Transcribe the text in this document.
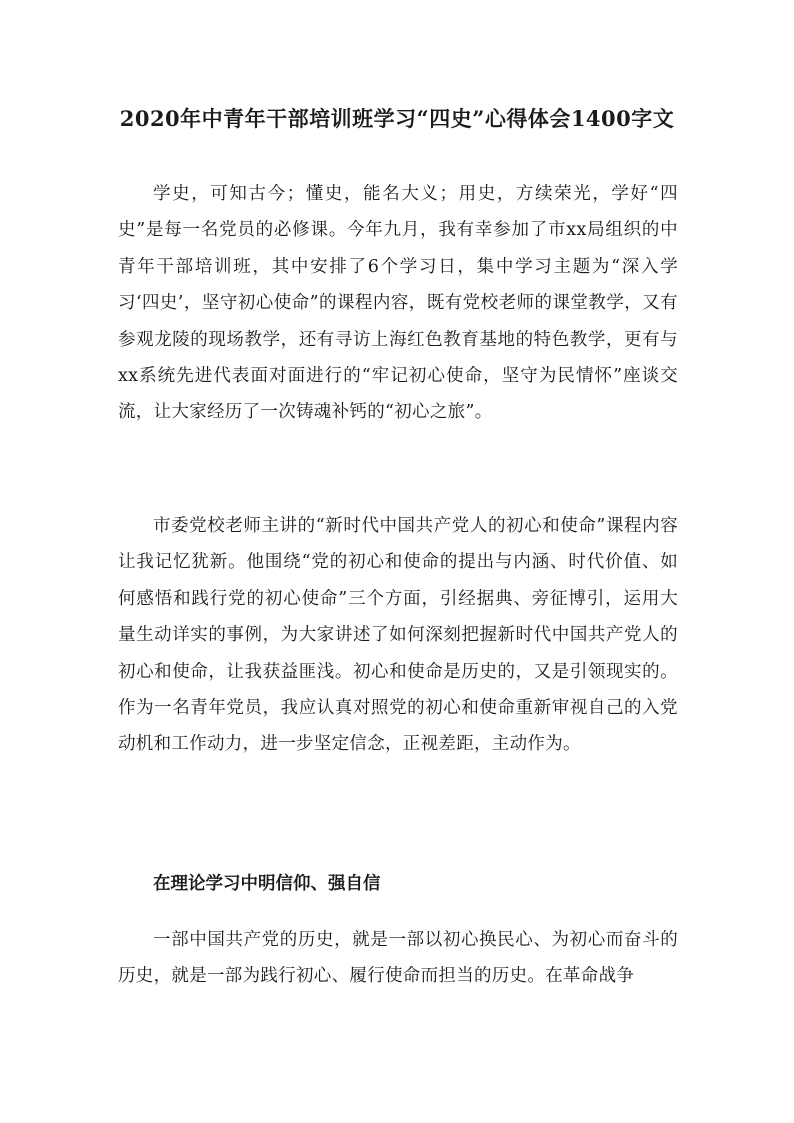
2020年中青年干部培训班学习“四史”心得体会1400字文

学史，可知古今；懂史，能名大义；用史，方续荣光，学好“四史”是每一名党员的必修课。今年九月，我有幸参加了市xx局组织的中青年干部培训班，其中安排了6个学习日，集中学习主题为“深入学习‘四史’，坚守初心使命”的课程内容，既有党校老师的课堂教学，又有参观龙陵的现场教学，还有寻访上海红色教育基地的特色教学，更有与xx系统先进代表面对面进行的“牢记初心使命，坚守为民情怀”座谈交流，让大家经历了一次铸魂补钙的“初心之旅”。

市委党校老师主讲的“新时代中国共产党人的初心和使命”课程内容让我记忆犹新。他围绕“党的初心和使命的提出与内涵、时代价值、如何感悟和践行党的初心使命”三个方面，引经据典、旁征博引，运用大量生动详实的事例，为大家讲述了如何深刻把握新时代中国共产党人的初心和使命，让我获益匪浅。初心和使命是历史的，又是引领现实的。作为一名青年党员，我应认真对照党的初心和使命重新审视自己的入党动机和工作动力，进一步坚定信念，正视差距，主动作为。

在理论学习中明信仰、强自信

一部中国共产党的历史，就是一部以初心换民心、为初心而奋斗的历史，就是一部为践行初心、履行使命而担当的历史。在革命战争
